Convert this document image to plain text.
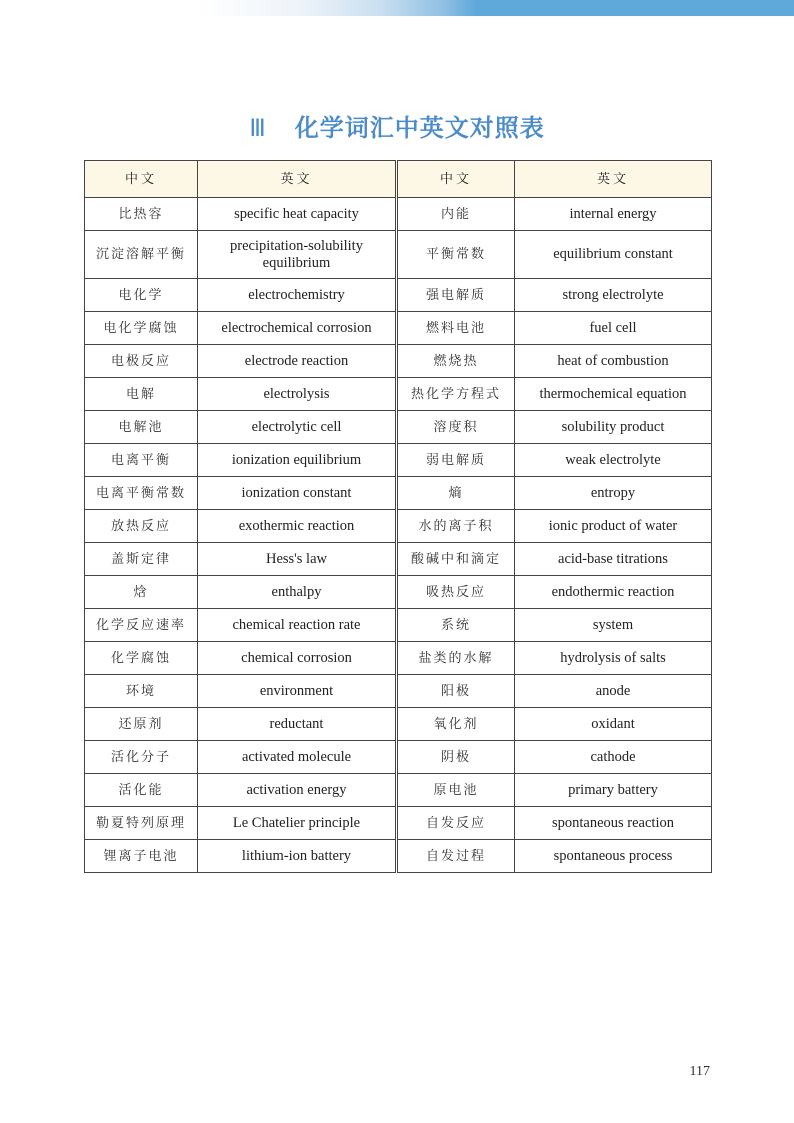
Ⅲ 化学词汇中英文对照表
中文	英文	中文	英文
比热容	specific heat capacity	内能	internal energy
沉淀溶解平衡	precipitation-solubility equilibrium	平衡常数	equilibrium constant
电化学	electrochemistry	强电解质	strong electrolyte
电化学腐蚀	electrochemical corrosion	燃料电池	fuel cell
电极反应	electrode reaction	燃烧热	heat of combustion
电解	electrolysis	热化学方程式	thermochemical equation
电解池	electrolytic cell	溶度积	solubility product
电离平衡	ionization equilibrium	弱电解质	weak electrolyte
电离平衡常数	ionization constant	熵	entropy
放热反应	exothermic reaction	水的离子积	ionic product of water
盖斯定律	Hess's law	酸碱中和滴定	acid-base titrations
焓	enthalpy	吸热反应	endothermic reaction
化学反应速率	chemical reaction rate	系统	system
化学腐蚀	chemical corrosion	盐类的水解	hydrolysis of salts
环境	environment	阳极	anode
还原剂	reductant	氧化剂	oxidant
活化分子	activated molecule	阴极	cathode
活化能	activation energy	原电池	primary battery
勒夏特列原理	Le Chatelier principle	自发反应	spontaneous reaction
锂离子电池	lithium-ion battery	自发过程	spontaneous process
117
